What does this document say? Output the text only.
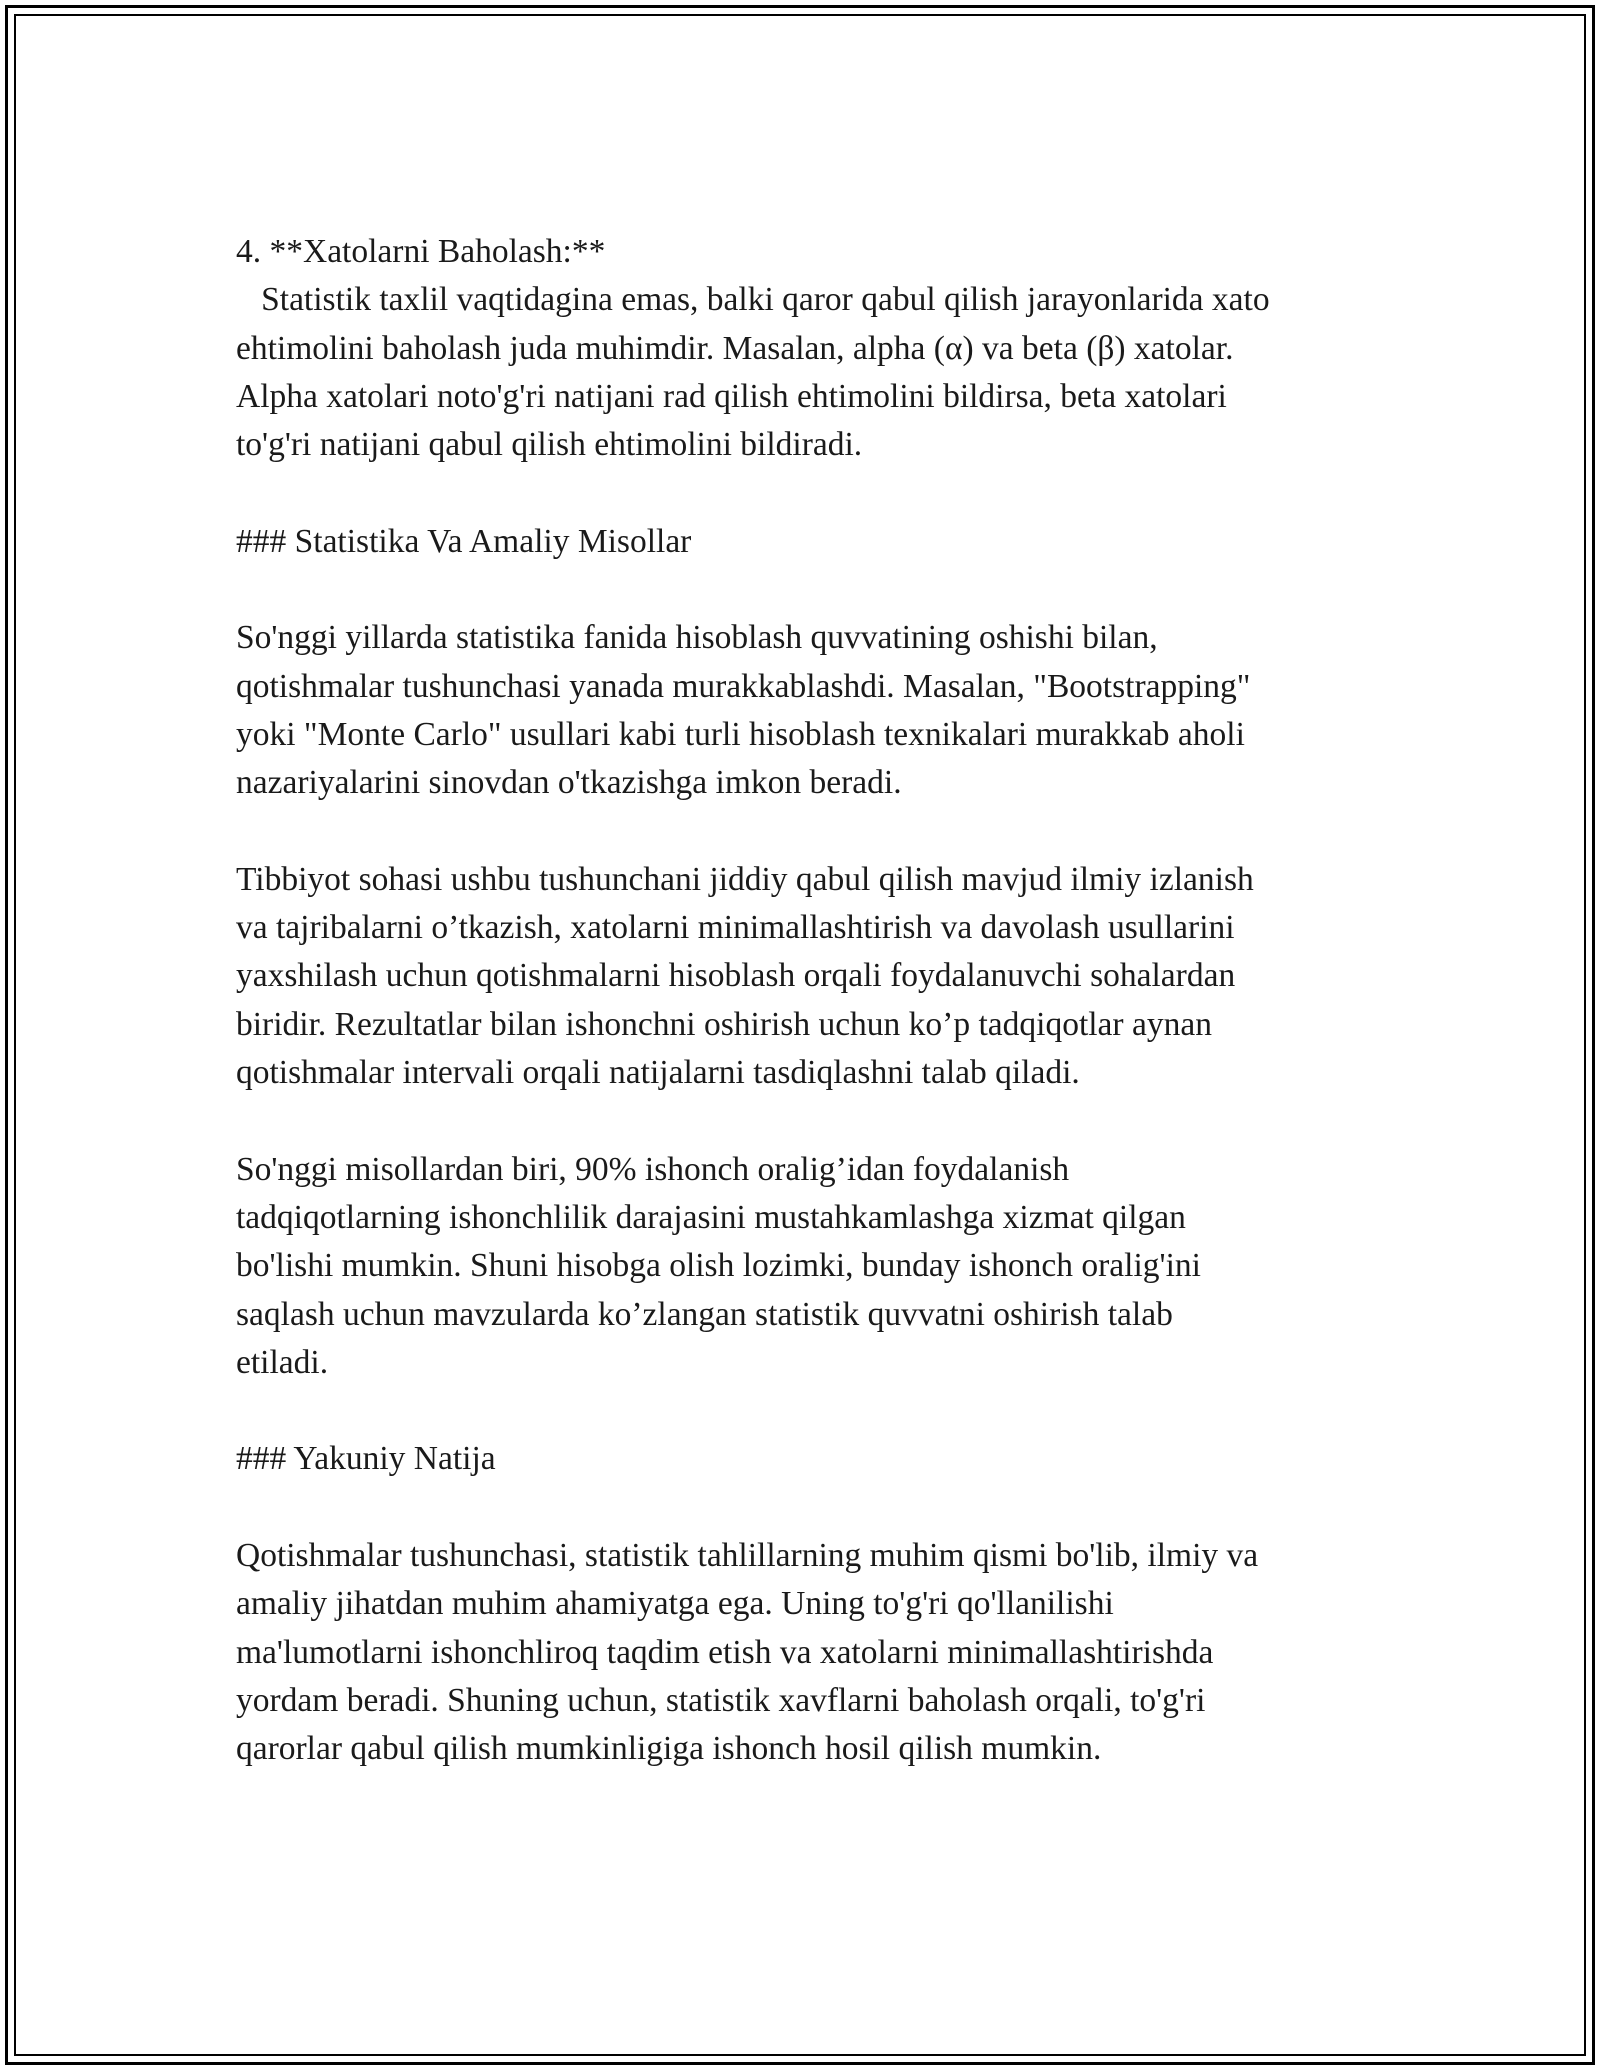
4. **Xatolarni Baholash:**
Statistik taxlil vaqtidagina emas, balki qaror qabul qilish jarayonlarida xato
ehtimolini baholash juda muhimdir. Masalan, alpha (α) va beta (β) xatolar.
Alpha xatolari noto'g'ri natijani rad qilish ehtimolini bildirsa, beta xatolari
to'g'ri natijani qabul qilish ehtimolini bildiradi.
### Statistika Va Amaliy Misollar
So'nggi yillarda statistika fanida hisoblash quvvatining oshishi bilan,
qotishmalar tushunchasi yanada murakkablashdi. Masalan, "Bootstrapping"
yoki "Monte Carlo" usullari kabi turli hisoblash texnikalari murakkab aholi
nazariyalarini sinovdan o'tkazishga imkon beradi.
Tibbiyot sohasi ushbu tushunchani jiddiy qabul qilish mavjud ilmiy izlanish
va tajribalarni o’tkazish, xatolarni minimallashtirish va davolash usullarini
yaxshilash uchun qotishmalarni hisoblash orqali foydalanuvchi sohalardan
biridir. Rezultatlar bilan ishonchni oshirish uchun ko’p tadqiqotlar aynan
qotishmalar intervali orqali natijalarni tasdiqlashni talab qiladi.
So'nggi misollardan biri, 90% ishonch oralig’idan foydalanish
tadqiqotlarning ishonchlilik darajasini mustahkamlashga xizmat qilgan
bo'lishi mumkin. Shuni hisobga olish lozimki, bunday ishonch oralig'ini
saqlash uchun mavzularda ko’zlangan statistik quvvatni oshirish talab
etiladi.
### Yakuniy Natija
Qotishmalar tushunchasi, statistik tahlillarning muhim qismi bo'lib, ilmiy va
amaliy jihatdan muhim ahamiyatga ega. Uning to'g'ri qo'llanilishi
ma'lumotlarni ishonchliroq taqdim etish va xatolarni minimallashtirishda
yordam beradi. Shuning uchun, statistik xavflarni baholash orqali, to'g'ri
qarorlar qabul qilish mumkinligiga ishonch hosil qilish mumkin.
